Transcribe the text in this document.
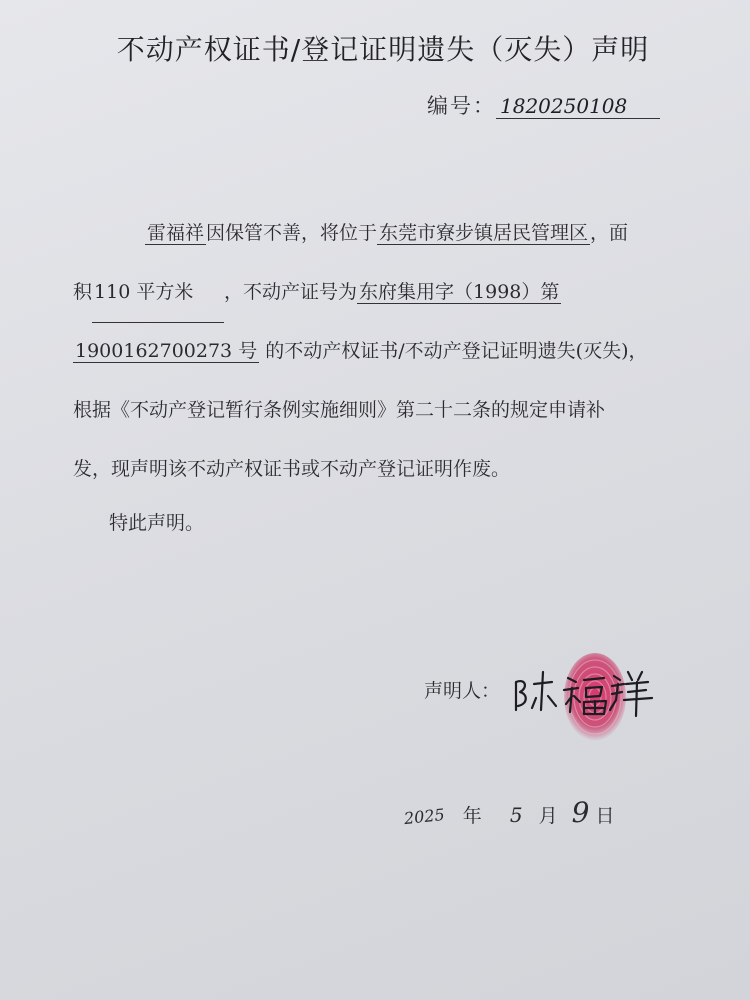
不动产权证书/登记证明遗失（灭失）声明
编号： 1820250108
雷福祥 因保管不善，将位于 东莞市寮步镇居民管理区 ，面
积 110 平方米 ，不动产证号为 东府集用字（1998）第
1900162700273 号 的不动产权证书/不动产登记证明遗失(灭失)，
根据《不动产登记暂行条例实施细则》第二十二条的规定申请补
发，现声明该不动产权证书或不动产登记证明作废。
特此声明。
声明人：
2025 年 5 月 9 日
